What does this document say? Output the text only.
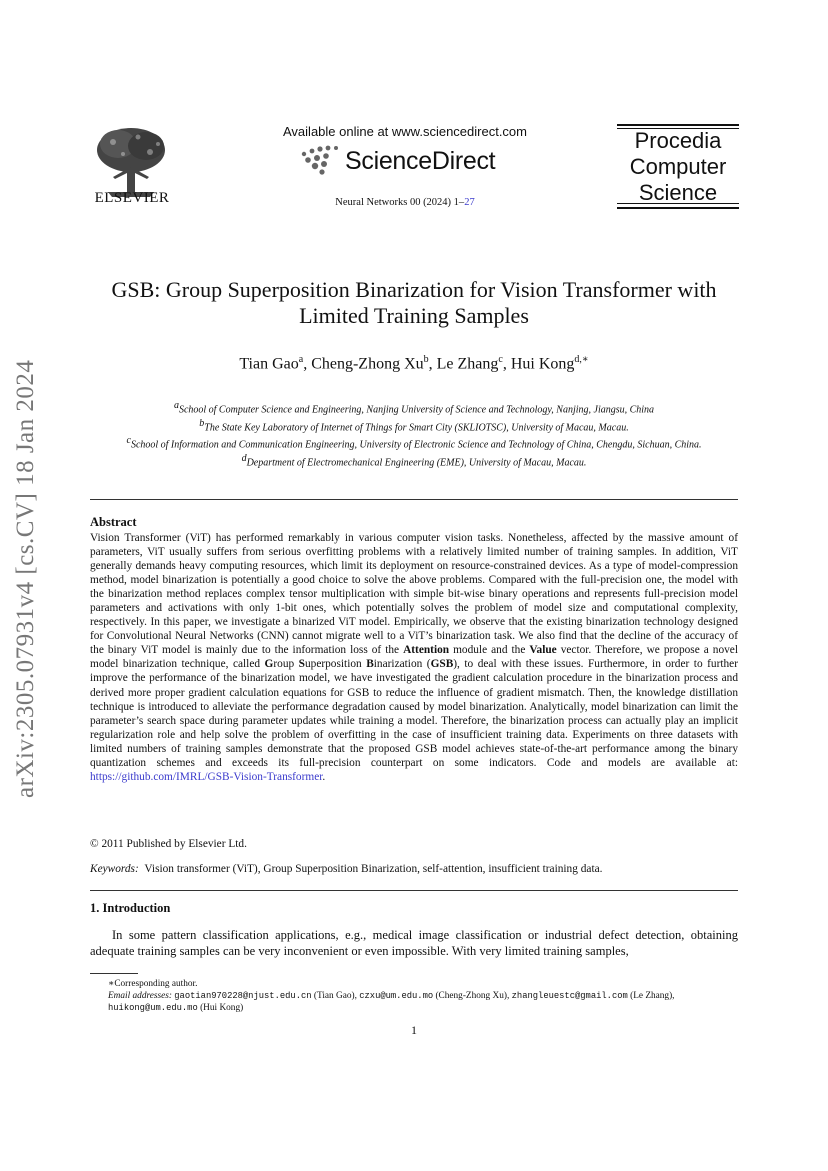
arXiv:2305.07931v4 [cs.CV] 18 Jan 2024
ELSEVIER
Available online at www.sciencedirect.com
ScienceDirect
Neural Networks 00 (2024) 1–27
Procedia
Computer
Science
GSB: Group Superposition Binarization for Vision Transformer with
Limited Training Samples
Tian Gao$^a$, Cheng-Zhong Xu$^b$, Le Zhang$^c$, Hui Kong$^{d,∗}$
$^a$School of Computer Science and Engineering, Nanjing University of Science and Technology, Nanjing, Jiangsu, China
$^b$The State Key Laboratory of Internet of Things for Smart City (SKLIOTSC), University of Macau, Macau.
$^c$School of Information and Communication Engineering, University of Electronic Science and Technology of China, Chengdu, Sichuan, China.
$^d$Department of Electromechanical Engineering (EME), University of Macau, Macau.
Abstract
Vision Transformer (ViT) has performed remarkably in various computer vision tasks. Nonetheless, affected by the massive amount of parameters, ViT usually suffers from serious overfitting problems with a relatively limited number of training samples. In addition, ViT generally demands heavy computing resources, which limit its deployment on resource-constrained devices. As a type of model-compression method, model binarization is potentially a good choice to solve the above problems. Compared with the full-precision one, the model with the binarization method replaces complex tensor multiplication with simple bit-wise binary operations and represents full-precision model parameters and activations with only 1-bit ones, which potentially solves the problem of model size and computational complexity, respectively. In this paper, we investigate a binarized ViT model. Empirically, we observe that the existing binarization technology designed for Convolutional Neural Networks (CNN) cannot migrate well to a ViT’s binarization task. We also find that the decline of the accuracy of the binary ViT model is mainly due to the information loss of the Attention module and the Value vector. Therefore, we propose a novel model binarization technique, called Group Superposition Binarization (GSB), to deal with these issues. Furthermore, in order to further improve the performance of the binarization model, we have investigated the gradient calculation procedure in the binarization process and derived more proper gradient calculation equations for GSB to reduce the influence of gradient mismatch. Then, the knowledge distillation technique is introduced to alleviate the performance degradation caused by model binarization. Analytically, model binarization can limit the parameter’s search space during parameter updates while training a model. Therefore, the binarization process can actually play an implicit regularization role and help solve the problem of overfitting in the case of insufficient training data. Experiments on three datasets with limited numbers of training samples demonstrate that the proposed GSB model achieves state-of-the-art performance among the binary quantization schemes and exceeds its full-precision counterpart on some indicators. Code and models are available at: https://github.com/IMRL/GSB-Vision-Transformer.
© 2011 Published by Elsevier Ltd.
Keywords: Vision transformer (ViT), Group Superposition Binarization, self-attention, insufficient training data.
1. Introduction
In some pattern classification applications, e.g., medical image classification or industrial defect detection, obtaining adequate training samples can be very inconvenient or even impossible. With very limited training samples,
∗Corresponding author.
Email addresses: gaotian970228@njust.edu.cn (Tian Gao), czxu@um.edu.mo (Cheng-Zhong Xu), zhangleuestc@gmail.com (Le Zhang), huikong@um.edu.mo (Hui Kong)
1
